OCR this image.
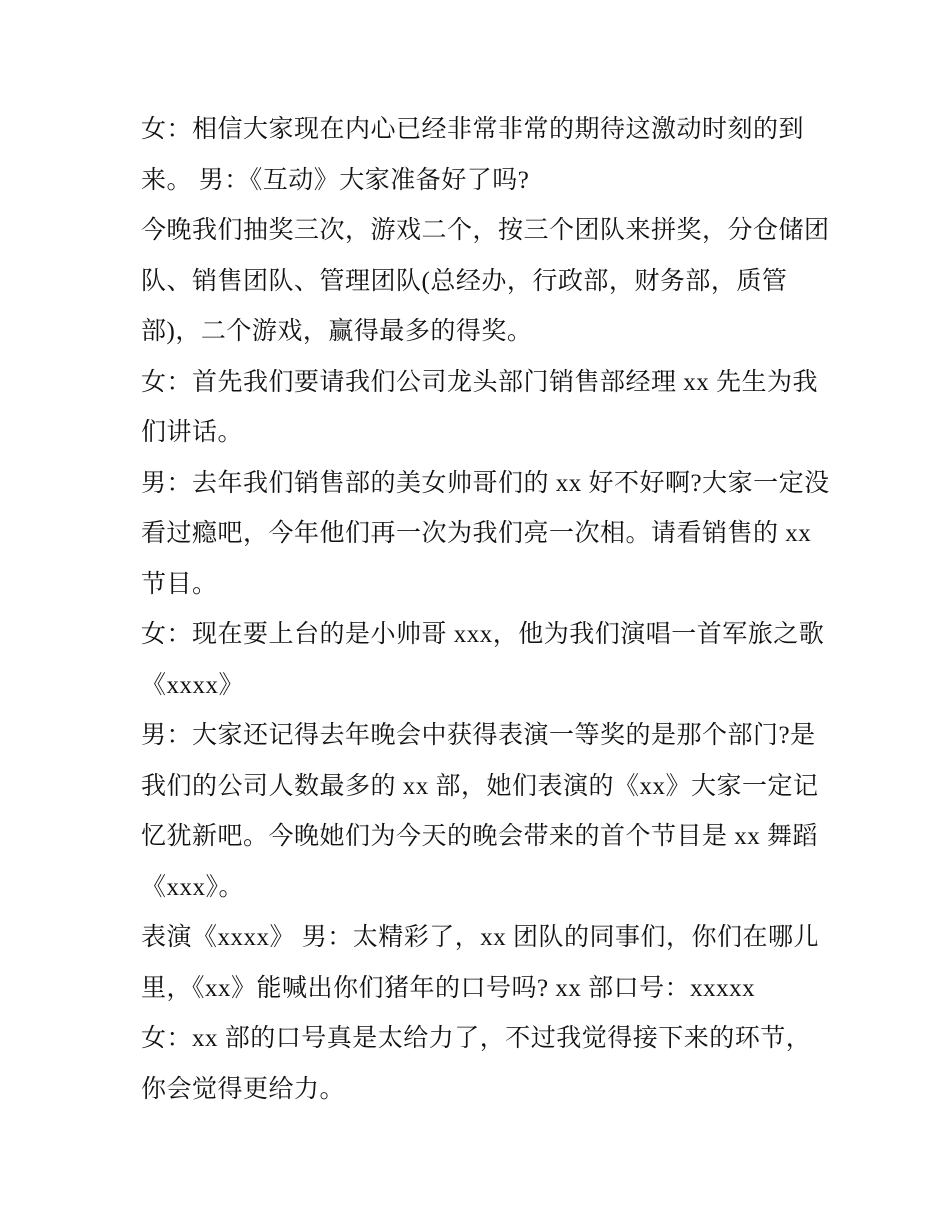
女：相信大家现在内心已经非常非常的期待这激动时刻的到
来。 男：《互动》大家准备好了吗?
今晚我们抽奖三次，游戏二个，按三个团队来拼奖，分仓储团
队、销售团队、管理团队(总经办，行政部，财务部，质管
部)，二个游戏，赢得最多的得奖。
女：首先我们要请我们公司龙头部门销售部经理 xx 先生为我
们讲话。
男：去年我们销售部的美女帅哥们的 xx 好不好啊?大家一定没
看过瘾吧，今年他们再一次为我们亮一次相。请看销售的 xx
节目。
女：现在要上台的是小帅哥 xxx，他为我们演唱一首军旅之歌
《xxxx》
男：大家还记得去年晚会中获得表演一等奖的是那个部门?是
我们的公司人数最多的 xx 部，她们表演的《xx》大家一定记
忆犹新吧。今晚她们为今天的晚会带来的首个节目是 xx 舞蹈
《xxx》。
表演《xxxx》 男：太精彩了，xx 团队的同事们，你们在哪儿
里，《xx》能喊出你们猪年的口号吗? xx 部口号：xxxxx
女：xx 部的口号真是太给力了，不过我觉得接下来的环节，
你会觉得更给力。
